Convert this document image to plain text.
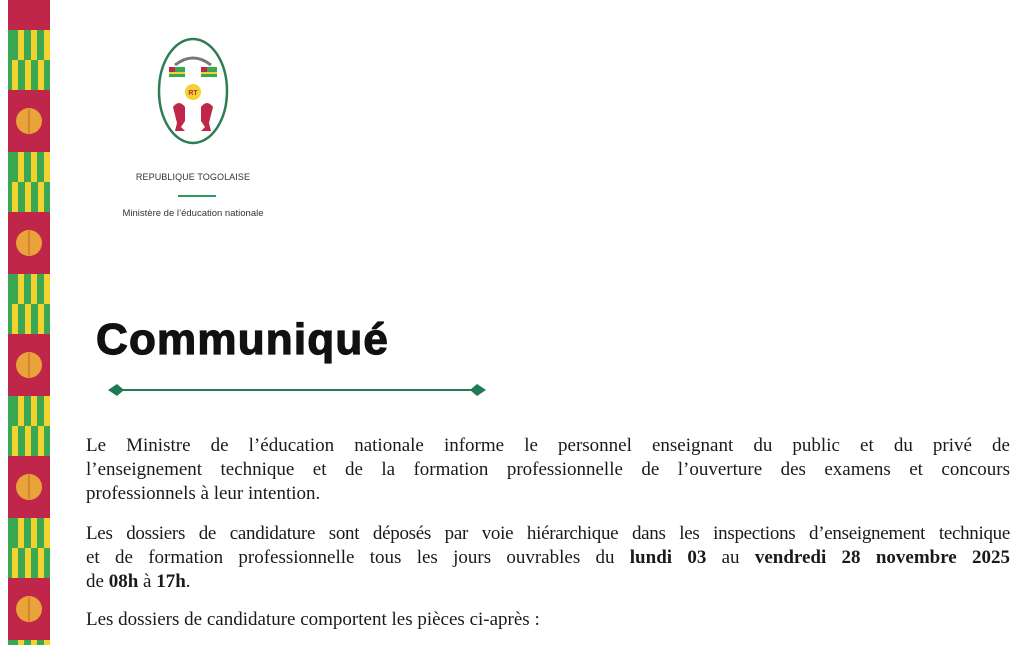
RT
REPUBLIQUE TOGOLAISE
Ministère de l’éducation nationale
Communiqué
Le Ministre de l’éducation nationale informe le personnel enseignant du public et du privé de
l’enseignement technique et de la formation professionnelle de l’ouverture des examens et concours
professionnels à leur intention.
Les dossiers de candidature sont déposés par voie hiérarchique dans les inspections d’enseignement technique
et de formation professionnelle tous les jours ouvrables du lundi 03 au vendredi 28 novembre 2025
de 08h à 17h.
Les dossiers de candidature comportent les pièces ci-après :
